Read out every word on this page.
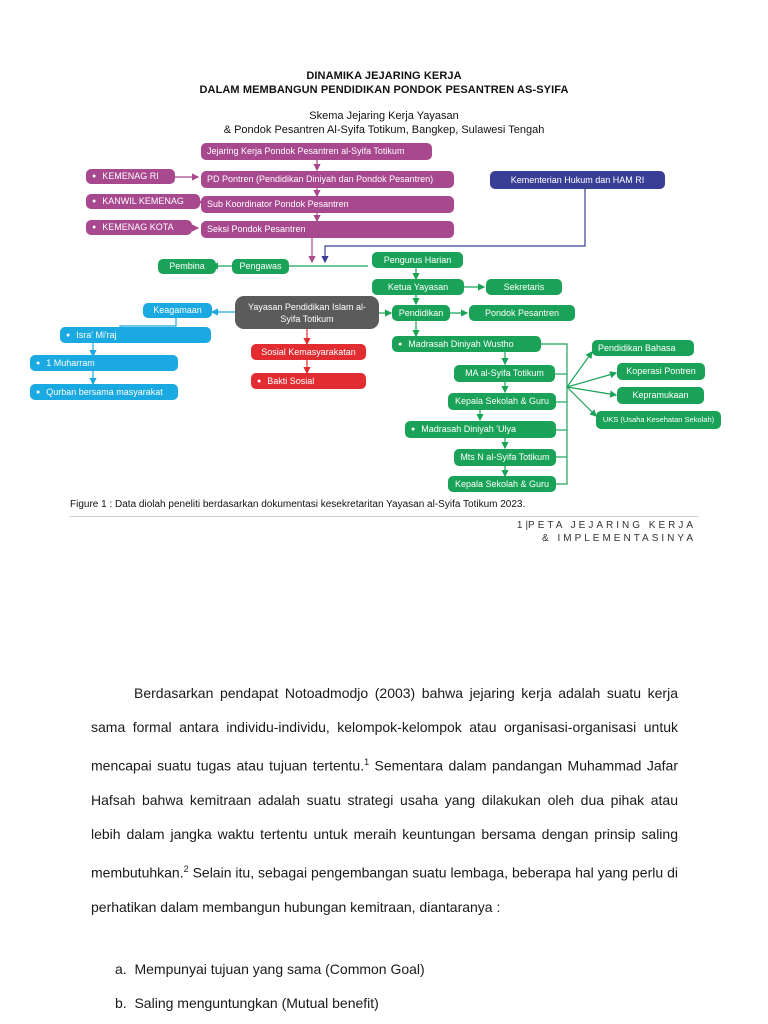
DINAMIKA JEJARING KERJA
DALAM MEMBANGUN PENDIDIKAN PONDOK PESANTREN AS-SYIFA
Skema Jejaring Kerja Yayasan
& Pondok Pesantren Al-Syifa Totikum, Bangkep, Sulawesi Tengah
Jejaring Kerja Pondok Pesantren al-Syifa Totikum
PD Pontren (Pendidikan Diniyah dan Pondok Pesantren)
Sub Koordinator Pondok Pesantren
Seksi Pondok Pesantren
● KEMENAG RI
● KANWIL KEMENAG
● KEMENAG KOTA
Kementerian Hukum dan HAM RI
Pembina	Pengawas
Pengurus Harian
Ketua Yayasan	Sekretaris
Yayasan Pendidikan Islam al-Syifa Totikum
Pendidikan	Pondok Pesantren
Keagamaan
● Isra' Mi'raj
● 1 Muharram
● Qurban bersama masyarakat
Sosial Kemasyarakatan
● Bakti Sosial
● Madrasah Diniyah Wustho
MA al-Syifa Totikum
Kepala Sekolah & Guru
● Madrasah Diniyah 'Ulya
Mts N al-Syifa Totikum
Kepala Sekolah & Guru
Pendidikan Bahasa
Koperasi Pontren
Kepramukaan
UKS (Usaha Kesehatan Sekolah)
Figure 1 : Data diolah peneliti berdasarkan dokumentasi kesekretaritan Yayasan al-Syifa Totikum 2023.
1|PETA JEJARING KERJA
& IMPLEMENTASINYA

Berdasarkan pendapat Notoadmodjo (2003) bahwa jejaring kerja adalah suatu kerja sama formal antara individu-individu, kelompok-kelompok atau organisasi-organisasi untuk mencapai suatu tugas atau tujuan tertentu.$^1$ Sementara dalam pandangan Muhammad Jafar Hafsah bahwa kemitraan adalah suatu strategi usaha yang dilakukan oleh dua pihak atau lebih dalam jangka waktu tertentu untuk meraih keuntungan bersama dengan prinsip saling membutuhkan.$^2$ Selain itu, sebagai pengembangan suatu lembaga, beberapa hal yang perlu di perhatikan dalam membangun hubungan kemitraan, diantaranya :

a. Mempunyai tujuan yang sama (Common Goal)
b. Saling menguntungkan (Mutual benefit)
